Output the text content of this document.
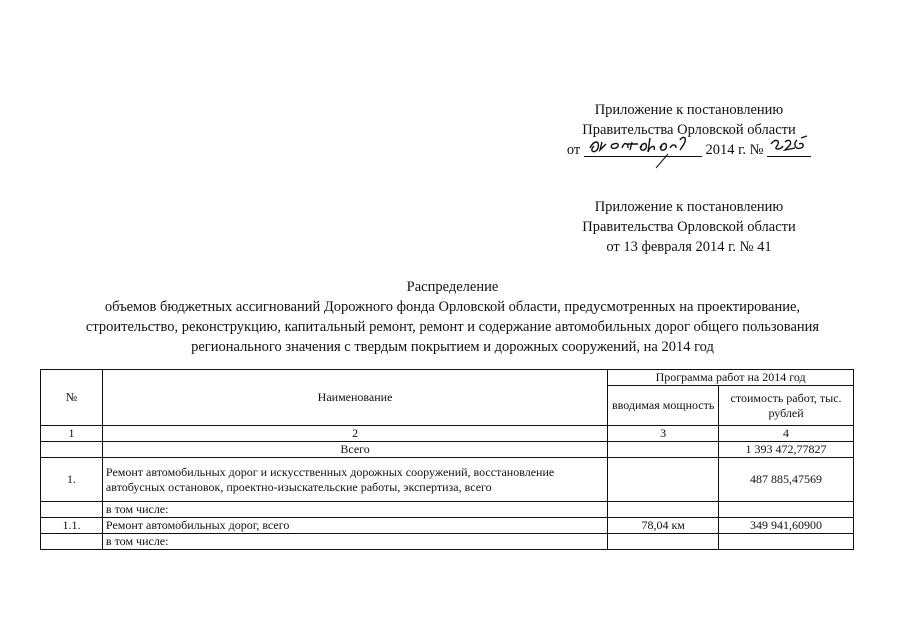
Приложение к постановлению
Правительства Орловской области
от	2014 г. №
Приложение к постановлению
Правительства Орловской области
от 13 февраля 2014 г. № 41
Распределение
объемов бюджетных ассигнований Дорожного фонда Орловской области, предусмотренных на проектирование,
строительство, реконструкцию, капитальный ремонт, ремонт и содержание автомобильных дорог общего пользования
регионального значения с твердым покрытием и дорожных сооружений, на 2014 год
№	Наименование	Программа работ на 2014 год	
		вводимая мощность	стоимость работ, тыс. рублей
1	2	3	4
	Всего		1 393 472,77827
1.	Ремонт автомобильных дорог и искусственных дорожных сооружений, восстановление автобусных остановок, проектно-изыскательские работы, экспертиза, всего		487 885,47569
	в том числе:		
1.1.	Ремонт автомобильных дорог, всего	78,04 км	349 941,60900
	в том числе:		
